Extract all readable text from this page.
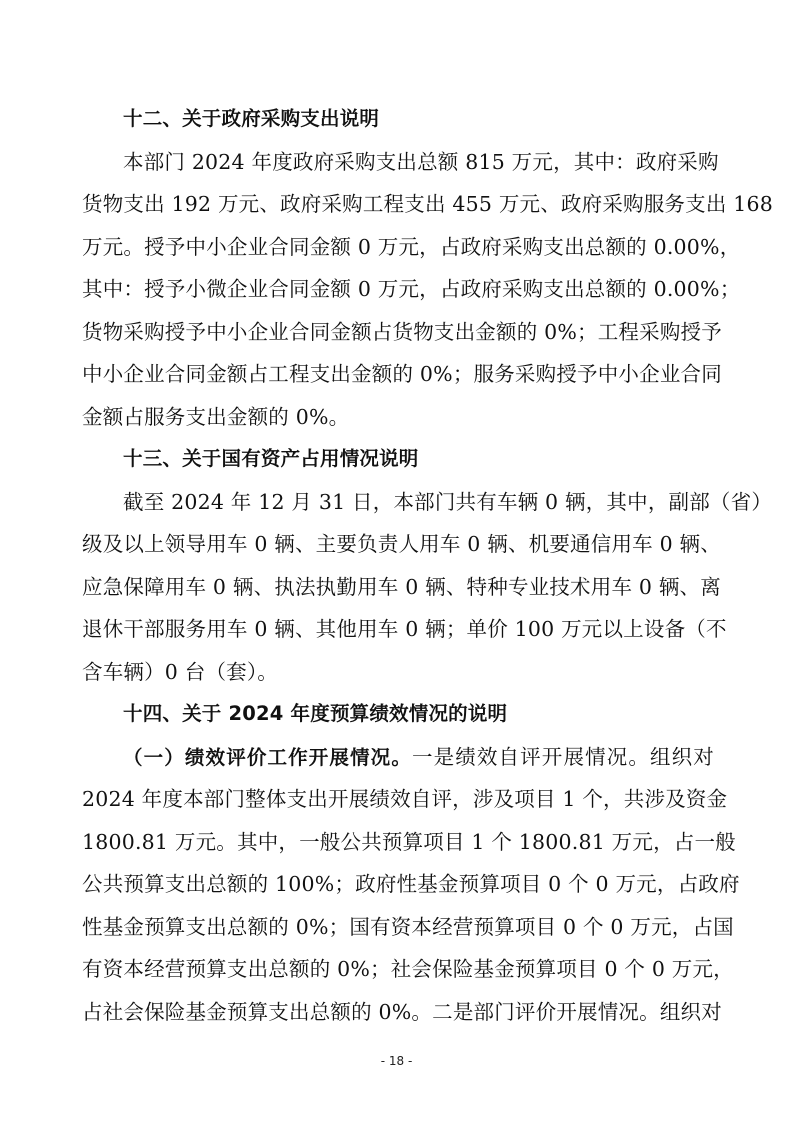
十二、关于政府采购支出说明
本部门 2024 年度政府采购支出总额 815 万元，其中：政府采购
货物支出 192 万元、政府采购工程支出 455 万元、政府采购服务支出 168
万元。授予中小企业合同金额 0 万元，占政府采购支出总额的 0.00%，
其中：授予小微企业合同金额 0 万元，占政府采购支出总额的 0.00%；
货物采购授予中小企业合同金额占货物支出金额的 0%；工程采购授予
中小企业合同金额占工程支出金额的 0%；服务采购授予中小企业合同
金额占服务支出金额的 0%。
十三、关于国有资产占用情况说明
截至 2024 年 12 月 31 日，本部门共有车辆 0 辆，其中，副部（省）
级及以上领导用车 0 辆、主要负责人用车 0 辆、机要通信用车 0 辆、
应急保障用车 0 辆、执法执勤用车 0 辆、特种专业技术用车 0 辆、离
退休干部服务用车 0 辆、其他用车 0 辆；单价 100 万元以上设备（不
含车辆）0 台（套）。
十四、关于 2024 年度预算绩效情况的说明
（一）绩效评价工作开展情况。一是绩效自评开展情况。组织对
2024 年度本部门整体支出开展绩效自评，涉及项目 1 个，共涉及资金
1800.81 万元。其中，一般公共预算项目 1 个 1800.81 万元，占一般
公共预算支出总额的 100%；政府性基金预算项目 0 个 0 万元，占政府
性基金预算支出总额的 0%；国有资本经营预算项目 0 个 0 万元，占国
有资本经营预算支出总额的 0%；社会保险基金预算项目 0 个 0 万元，
占社会保险基金预算支出总额的 0%。二是部门评价开展情况。组织对
- 18 -
